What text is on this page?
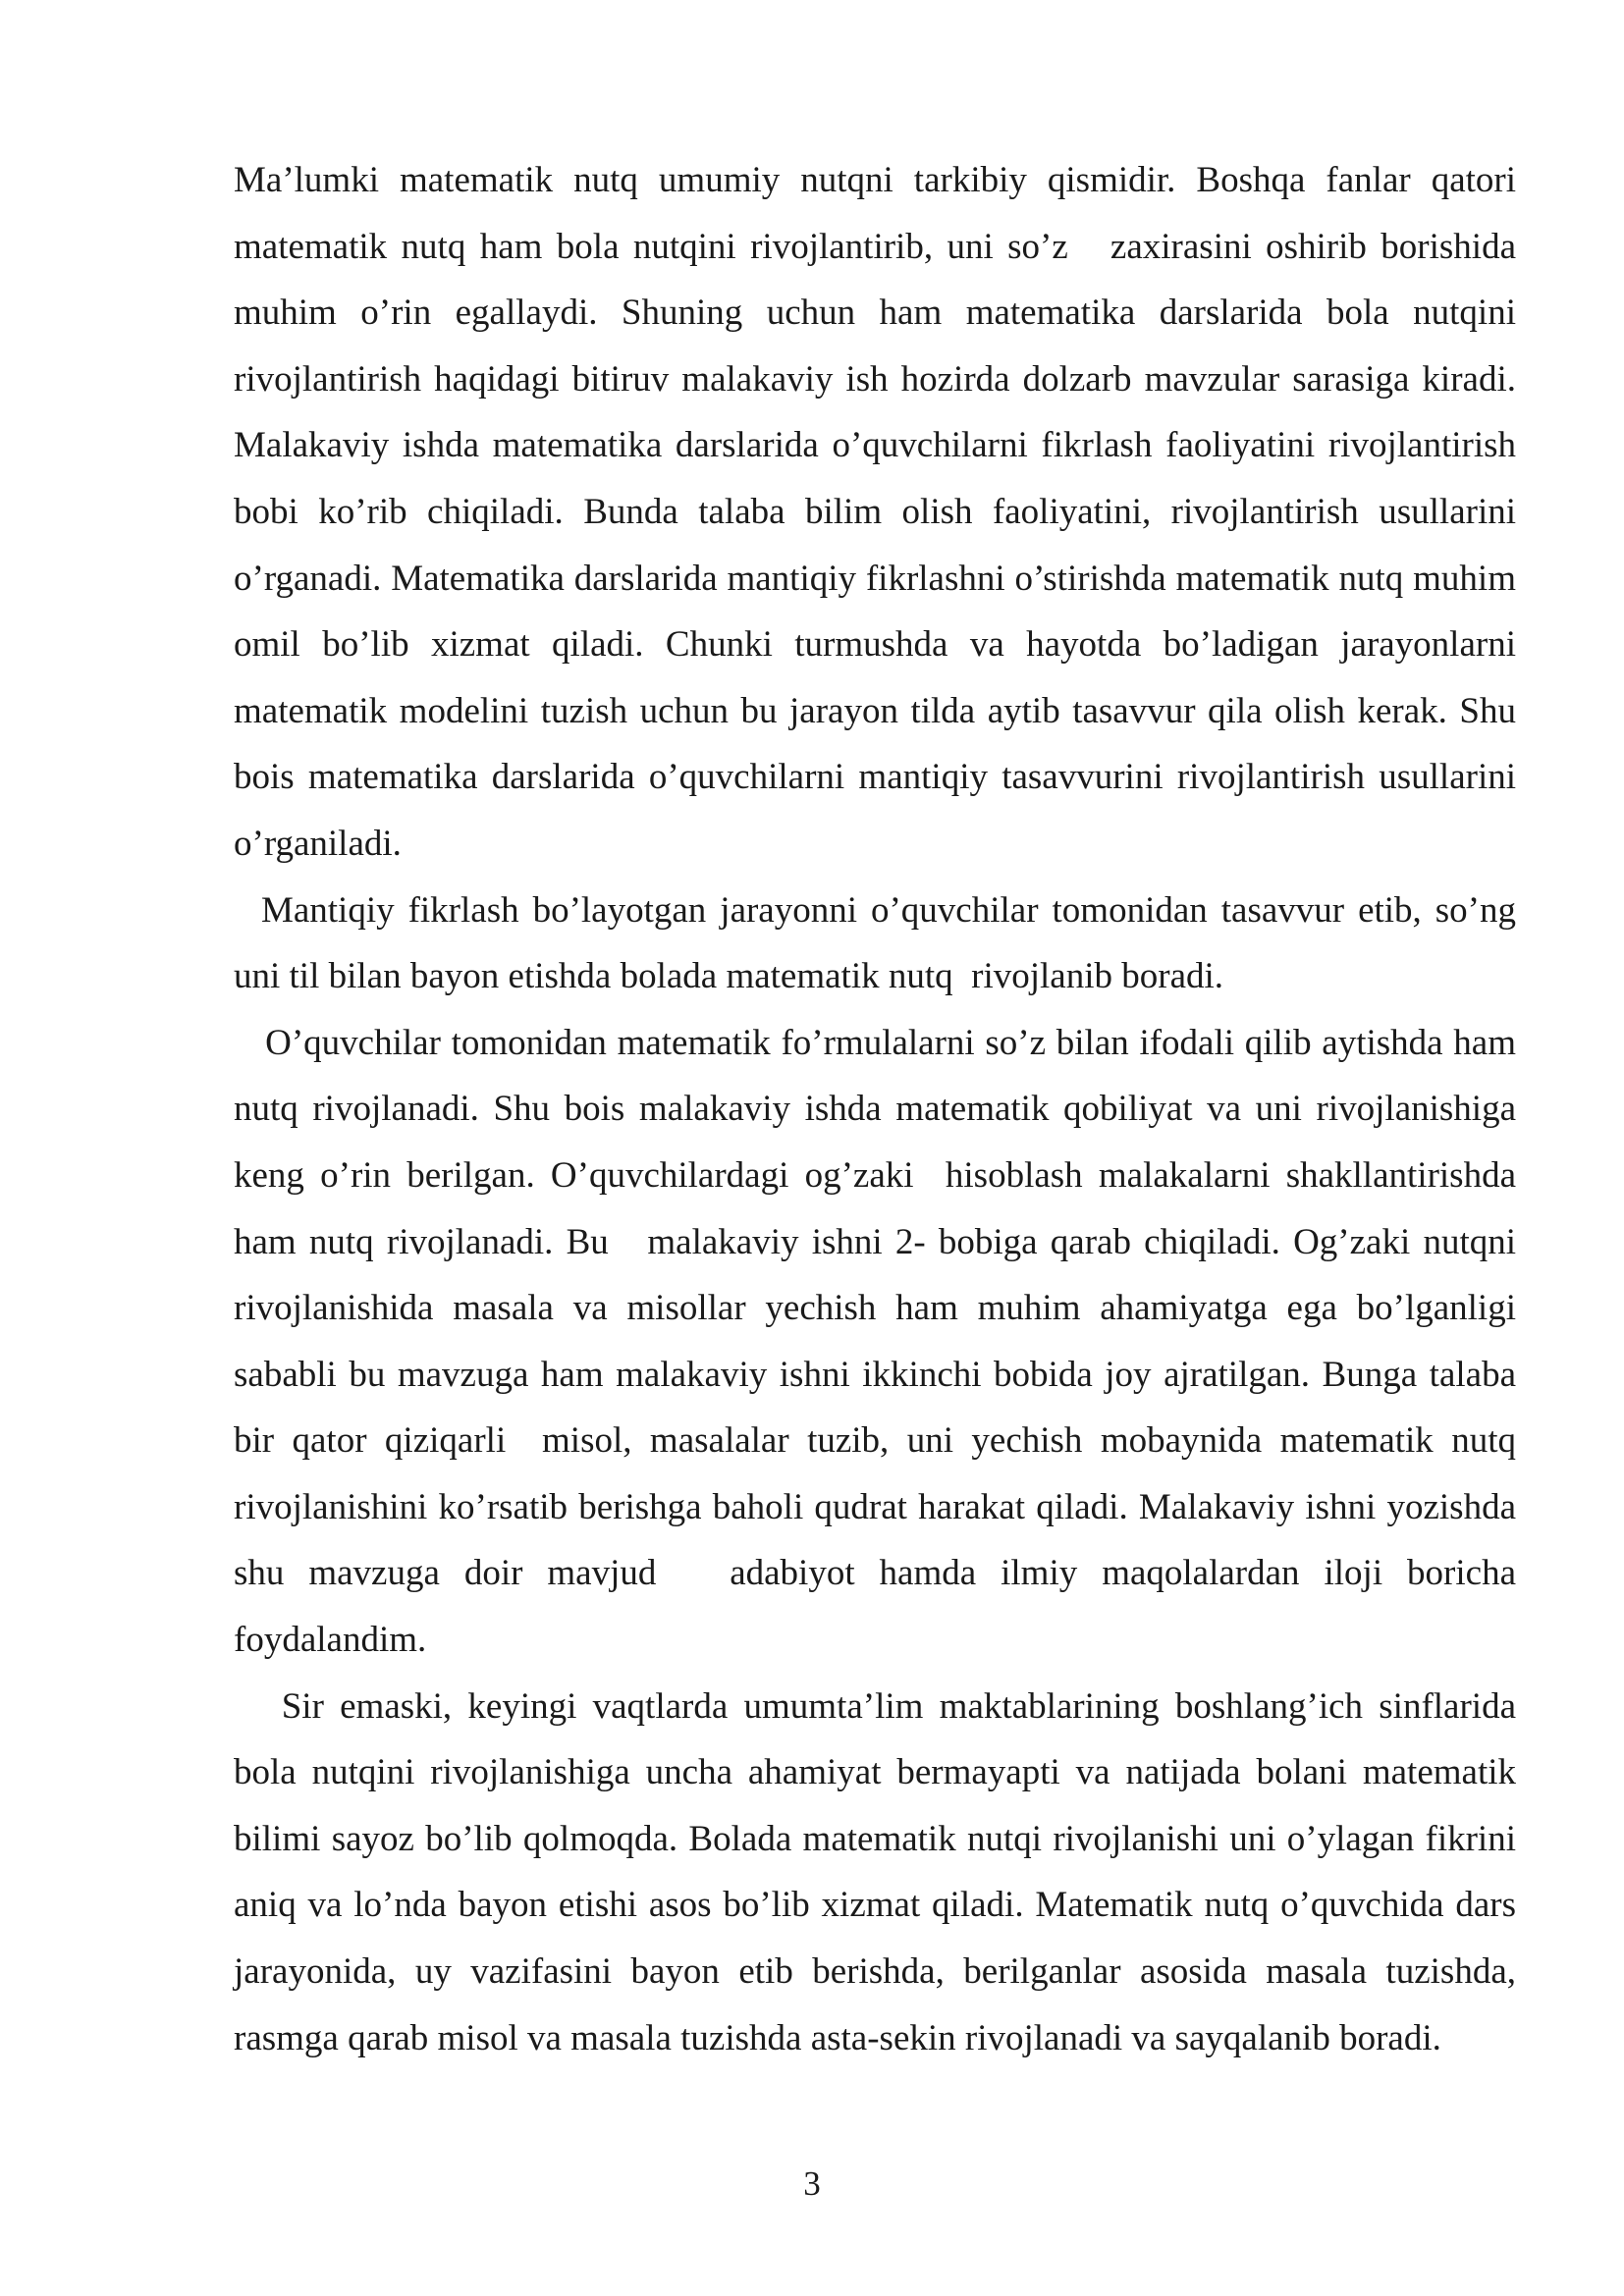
Ma’lumki matematik nutq umumiy nutqni tarkibiy qismidir. Boshqa fanlar qatori matematik nutq ham bola nutqini rivojlantirib, uni so’z   zaxirasini oshirib borishida muhim o’rin egallaydi. Shuning uchun ham matematika darslarida bola nutqini rivojlantirish haqidagi bitiruv malakaviy ish hozirda dolzarb mavzular sarasiga kiradi. Malakaviy ishda matematika darslarida o’quvchilarni fikrlash faoliyatini rivojlantirish bobi ko’rib chiqiladi. Bunda talaba bilim olish faoliyatini, rivojlantirish usullarini o’rganadi. Matematika darslarida mantiqiy fikrlashni o’stirishda matematik nutq muhim omil bo’lib xizmat qiladi. Chunki turmushda va hayotda bo’ladigan jarayonlarni matematik modelini tuzish uchun bu jarayon tilda aytib tasavvur qila olish kerak. Shu bois matematika darslarida o’quvchilarni mantiqiy tasavvurini rivojlantirish usullarini o’rganiladi.

Mantiqiy fikrlash bo’layotgan jarayonni o’quvchilar tomonidan tasavvur etib, so’ng uni til bilan bayon etishda bolada matematik nutq  rivojlanib boradi.

O’quvchilar tomonidan matematik fo’rmulalarni so’z bilan ifodali qilib aytishda ham nutq rivojlanadi. Shu bois malakaviy ishda matematik qobiliyat va uni rivojlanishiga keng o’rin berilgan. O’quvchilardagi og’zaki  hisoblash malakalarni shakllantirishda ham nutq rivojlanadi. Bu   malakaviy ishni 2- bobiga qarab chiqiladi. Og’zaki nutqni rivojlanishida masala va misollar yechish ham muhim ahamiyatga ega bo’lganligi sababli bu mavzuga ham malakaviy ishni ikkinchi bobida joy ajratilgan. Bunga talaba bir qator qiziqarli  misol, masalalar tuzib, uni yechish mobaynida matematik nutq rivojlanishini ko’rsatib berishga baholi qudrat harakat qiladi. Malakaviy ishni yozishda shu mavzuga doir mavjud   adabiyot hamda ilmiy maqolalardan iloji boricha foydalandim.

Sir emaski, keyingi vaqtlarda umumta’lim maktablarining boshlang’ich sinflarida bola nutqini rivojlanishiga uncha ahamiyat bermayapti va natijada bolani matematik bilimi sayoz bo’lib qolmoqda. Bolada matematik nutqi rivojlanishi uni o’ylagan fikrini aniq va lo’nda bayon etishi asos bo’lib xizmat qiladi. Matematik nutq o’quvchida dars jarayonida, uy vazifasini bayon etib berishda, berilganlar asosida masala tuzishda, rasmga qarab misol va masala tuzishda asta-sekin rivojlanadi va sayqalanib boradi.

3
